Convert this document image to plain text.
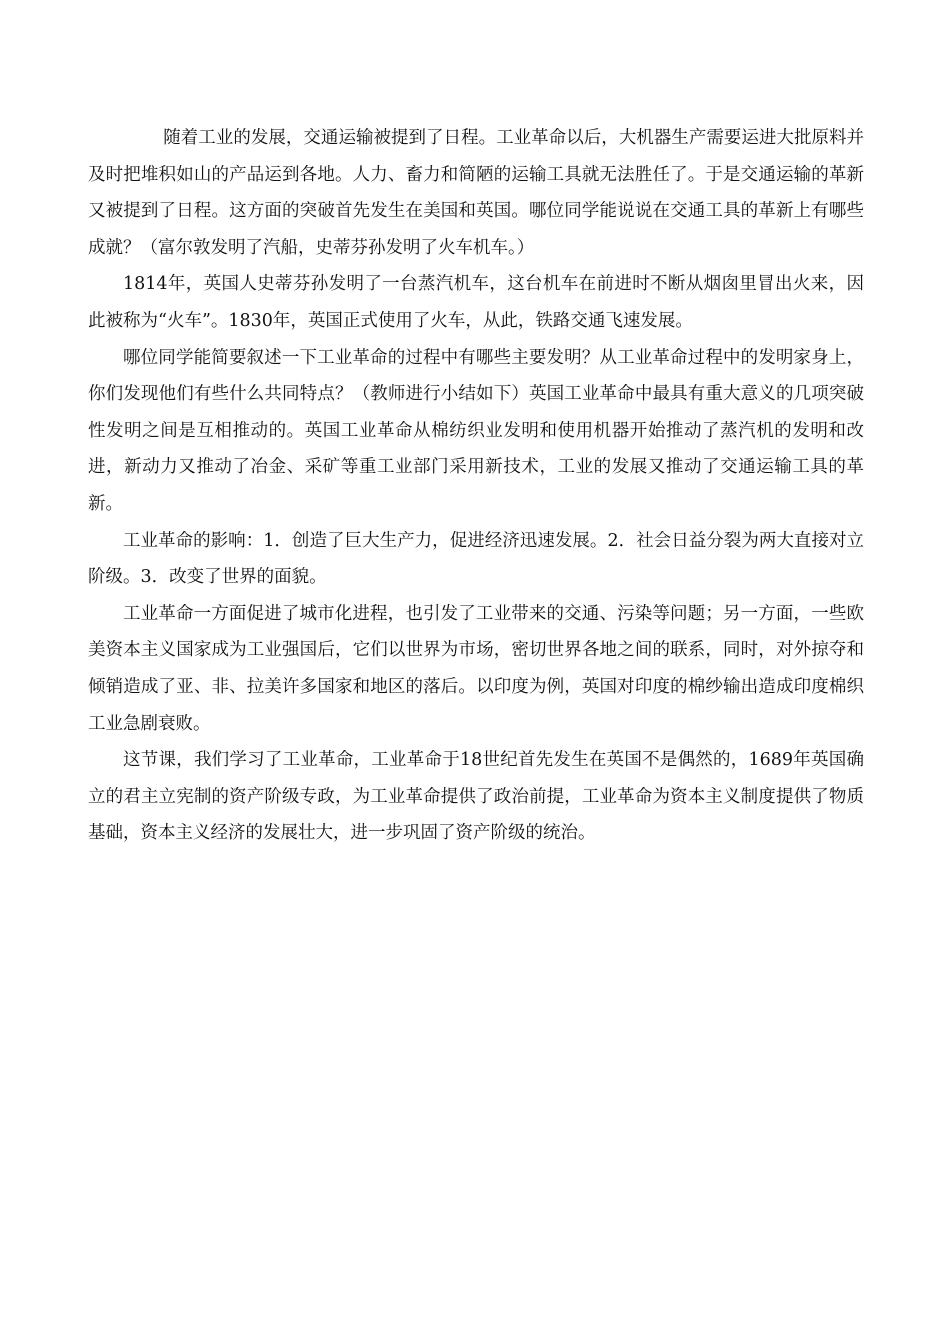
随着工业的发展，交通运输被提到了日程。工业革命以后，大机器生产需要运进大批原料并及时把堆积如山的产品运到各地。人力、畜力和简陋的运输工具就无法胜任了。于是交通运输的革新又被提到了日程。这方面的突破首先发生在美国和英国。哪位同学能说说在交通工具的革新上有哪些成就？（富尔敦发明了汽船，史蒂芬孙发明了火车机车。）

1814年，英国人史蒂芬孙发明了一台蒸汽机车，这台机车在前进时不断从烟囱里冒出火来，因此被称为“火车”。1830年，英国正式使用了火车，从此，铁路交通飞速发展。

哪位同学能简要叙述一下工业革命的过程中有哪些主要发明？从工业革命过程中的发明家身上，你们发现他们有些什么共同特点？（教师进行小结如下）英国工业革命中最具有重大意义的几项突破性发明之间是互相推动的。英国工业革命从棉纺织业发明和使用机器开始推动了蒸汽机的发明和改进，新动力又推动了冶金、采矿等重工业部门采用新技术，工业的发展又推动了交通运输工具的革新。

工业革命的影响：1．创造了巨大生产力，促进经济迅速发展。2．社会日益分裂为两大直接对立阶级。3．改变了世界的面貌。

工业革命一方面促进了城市化进程，也引发了工业带来的交通、污染等问题；另一方面，一些欧美资本主义国家成为工业强国后，它们以世界为市场，密切世界各地之间的联系，同时，对外掠夺和倾销造成了亚、非、拉美许多国家和地区的落后。以印度为例，英国对印度的棉纱输出造成印度棉织工业急剧衰败。

这节课，我们学习了工业革命，工业革命于18世纪首先发生在英国不是偶然的，1689年英国确立的君主立宪制的资产阶级专政，为工业革命提供了政治前提，工业革命为资本主义制度提供了物质基础，资本主义经济的发展壮大，进一步巩固了资产阶级的统治。
